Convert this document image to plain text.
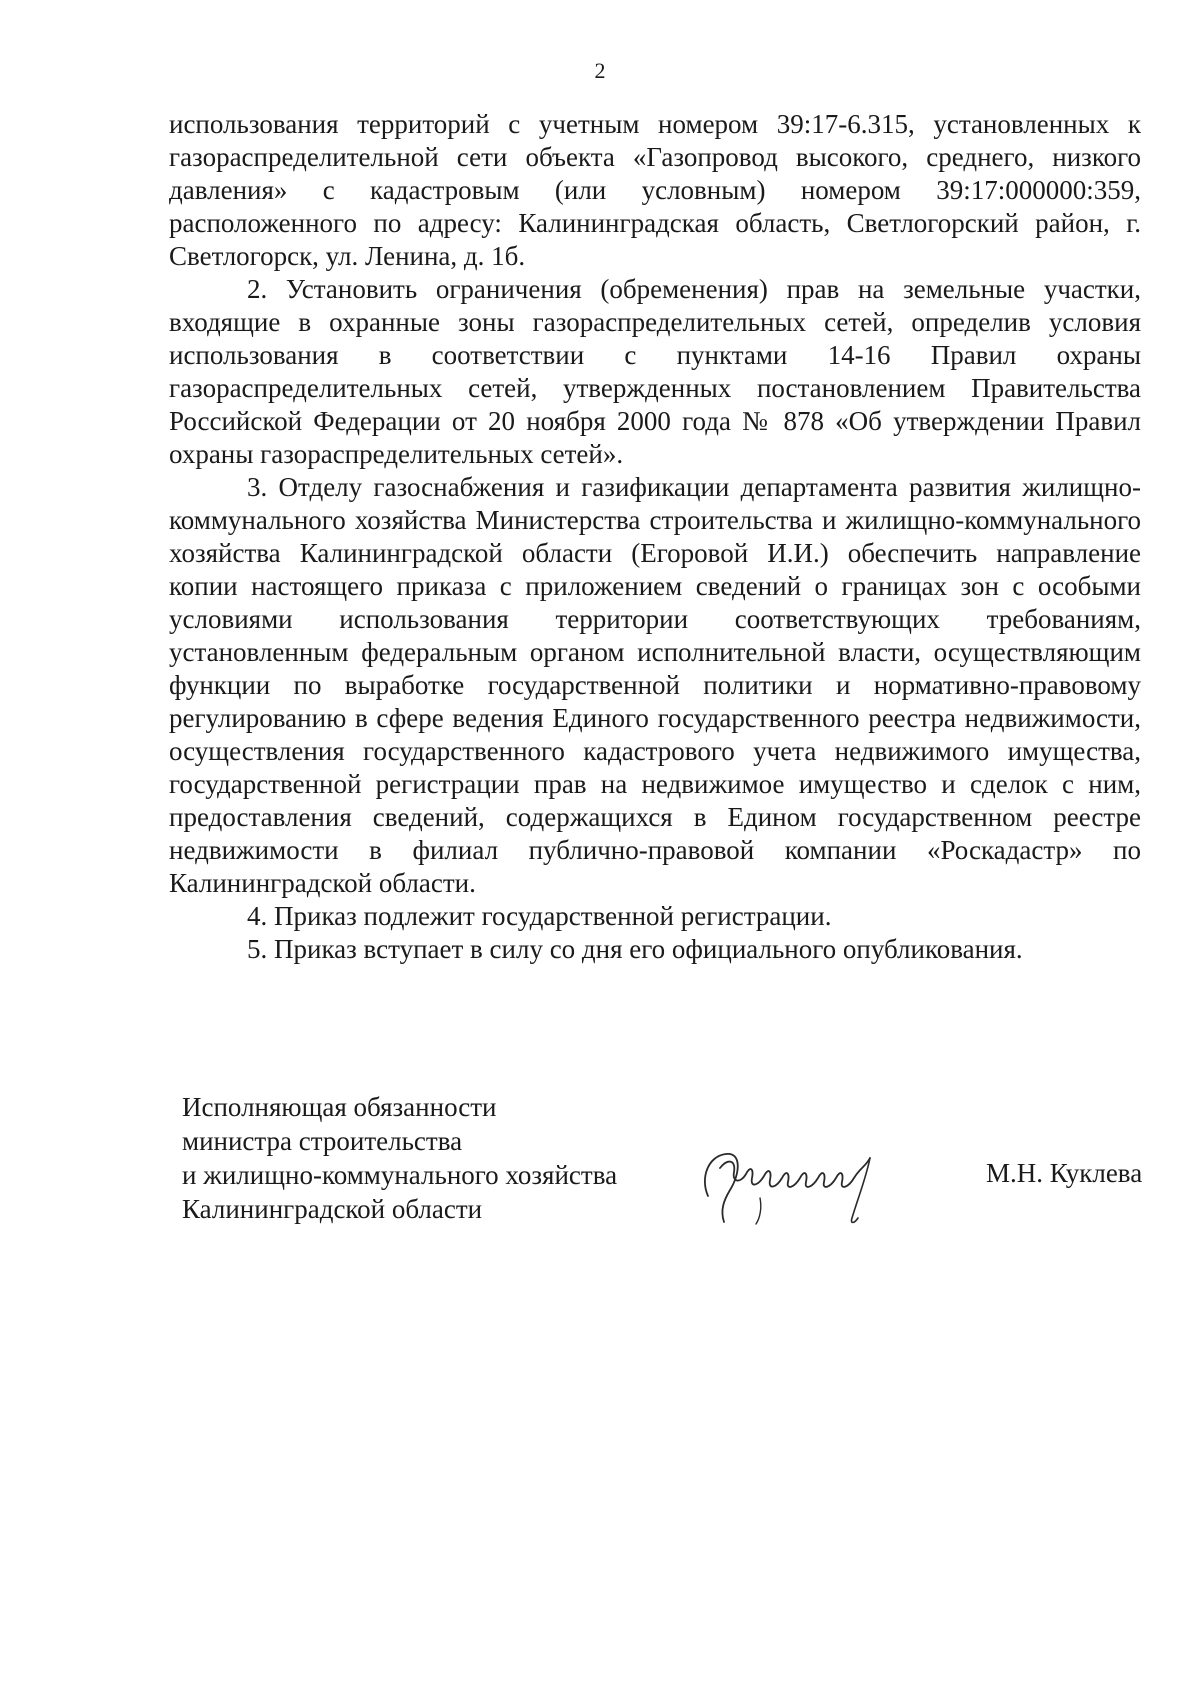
2

использования территорий с учетным номером 39:17-6.315, установленных к газораспределительной сети объекта «Газопровод высокого, среднего, низкого давления» с кадастровым (или условным) номером 39:17:000000:359, расположенного по адресу: Калининградская область, Светлогорский район, г. Светлогорск, ул. Ленина, д. 1б.

2. Установить ограничения (обременения) прав на земельные участки, входящие в охранные зоны газораспределительных сетей, определив условия использования в соответствии с пунктами 14-16 Правил охраны газораспределительных сетей, утвержденных постановлением Правительства Российской Федерации от 20 ноября 2000 года № 878 «Об утверждении Правил охраны газораспределительных сетей».

3. Отделу газоснабжения и газификации департамента развития жилищно-коммунального хозяйства Министерства строительства и жилищно-коммунального хозяйства Калининградской области (Егоровой И.И.) обеспечить направление копии настоящего приказа с приложением сведений о границах зон с особыми условиями использования территории соответствующих требованиям, установленным федеральным органом исполнительной власти, осуществляющим функции по выработке государственной политики и нормативно-правовому регулированию в сфере ведения Единого государственного реестра недвижимости, осуществления государственного кадастрового учета недвижимого имущества, государственной регистрации прав на недвижимое имущество и сделок с ним, предоставления сведений, содержащихся в Едином государственном реестре недвижимости в филиал публично-правовой компании «Роскадастр» по Калининградской области.

4. Приказ подлежит государственной регистрации.

5. Приказ вступает в силу со дня его официального опубликования.

Исполняющая обязанности
министра строительства
и жилищно-коммунального хозяйства
Калининградской области
М.Н. Куклева
